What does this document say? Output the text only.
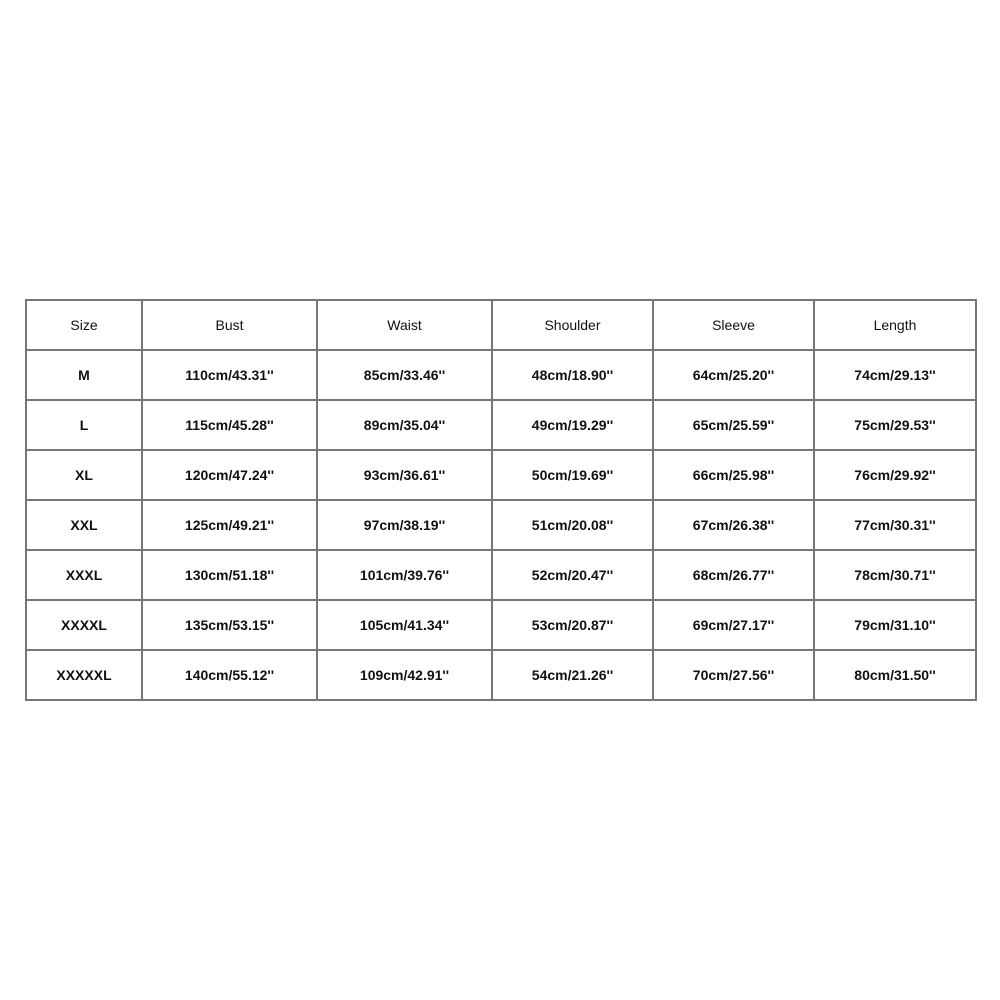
Size	Bust	Waist	Shoulder	Sleeve	Length
M	110cm/43.31''	85cm/33.46''	48cm/18.90''	64cm/25.20''	74cm/29.13''
L	115cm/45.28''	89cm/35.04''	49cm/19.29''	65cm/25.59''	75cm/29.53''
XL	120cm/47.24''	93cm/36.61''	50cm/19.69''	66cm/25.98''	76cm/29.92''
XXL	125cm/49.21''	97cm/38.19''	51cm/20.08''	67cm/26.38''	77cm/30.31''
XXXL	130cm/51.18''	101cm/39.76''	52cm/20.47''	68cm/26.77''	78cm/30.71''
XXXXL	135cm/53.15''	105cm/41.34''	53cm/20.87''	69cm/27.17''	79cm/31.10''
XXXXXL	140cm/55.12''	109cm/42.91''	54cm/21.26''	70cm/27.56''	80cm/31.50''
